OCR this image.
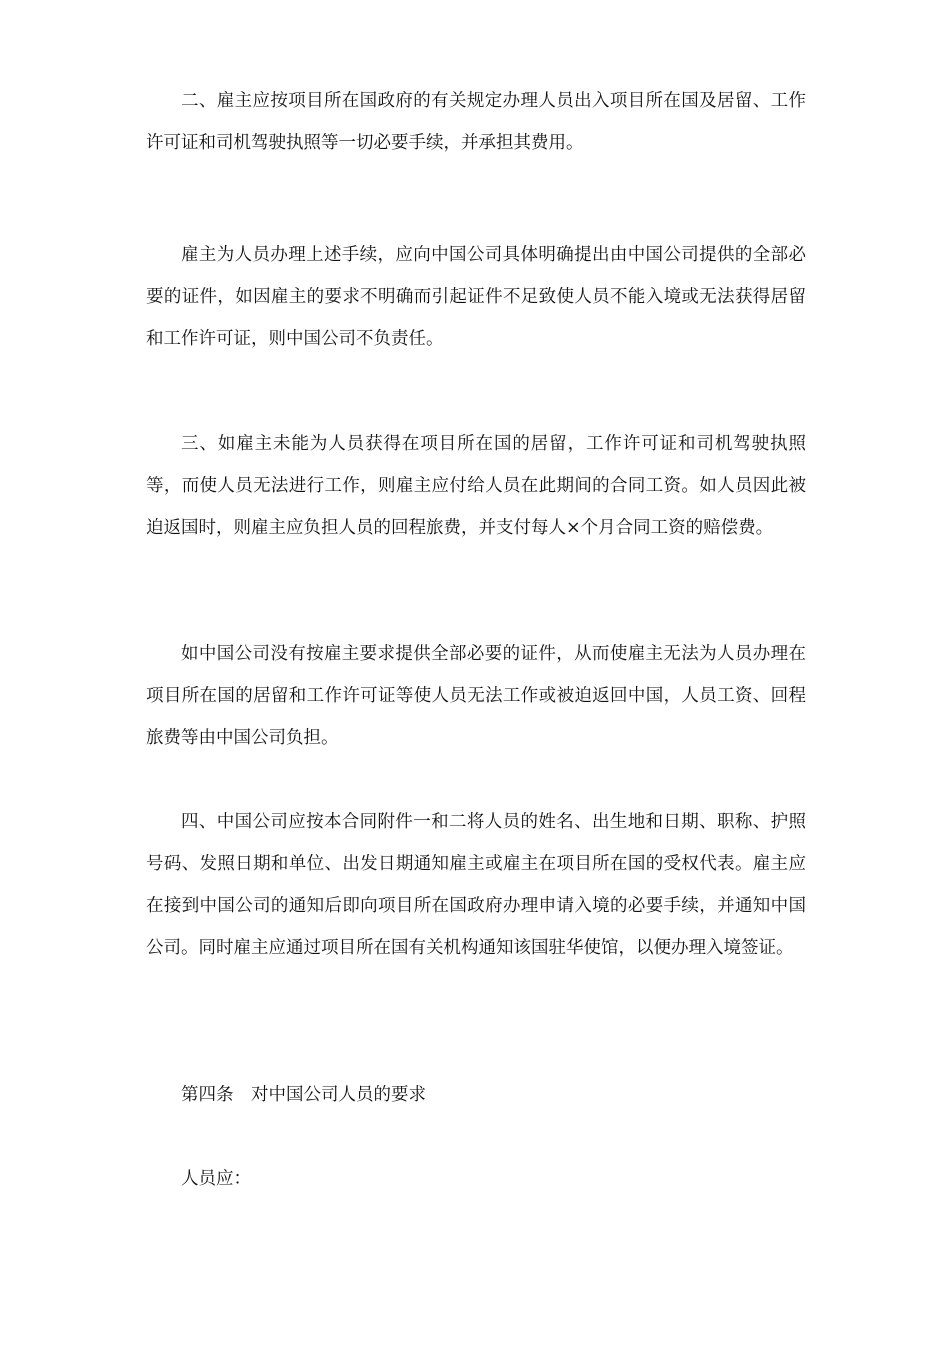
二、雇主应按项目所在国政府的有关规定办理人员出入项目所在国及居留、工作许可证和司机驾驶执照等一切必要手续，并承担其费用。

雇主为人员办理上述手续，应向中国公司具体明确提出由中国公司提供的全部必要的证件，如因雇主的要求不明确而引起证件不足致使人员不能入境或无法获得居留和工作许可证，则中国公司不负责任。

三、如雇主未能为人员获得在项目所在国的居留，工作许可证和司机驾驶执照等，而使人员无法进行工作，则雇主应付给人员在此期间的合同工资。如人员因此被迫返国时，则雇主应负担人员的回程旅费，并支付每人×个月合同工资的赔偿费。

如中国公司没有按雇主要求提供全部必要的证件，从而使雇主无法为人员办理在项目所在国的居留和工作许可证等使人员无法工作或被迫返回中国，人员工资、回程旅费等由中国公司负担。

四、中国公司应按本合同附件一和二将人员的姓名、出生地和日期、职称、护照号码、发照日期和单位、出发日期通知雇主或雇主在项目所在国的受权代表。雇主应在接到中国公司的通知后即向项目所在国政府办理申请入境的必要手续，并通知中国公司。同时雇主应通过项目所在国有关机构通知该国驻华使馆，以便办理入境签证。

第四条　对中国公司人员的要求

人员应：
